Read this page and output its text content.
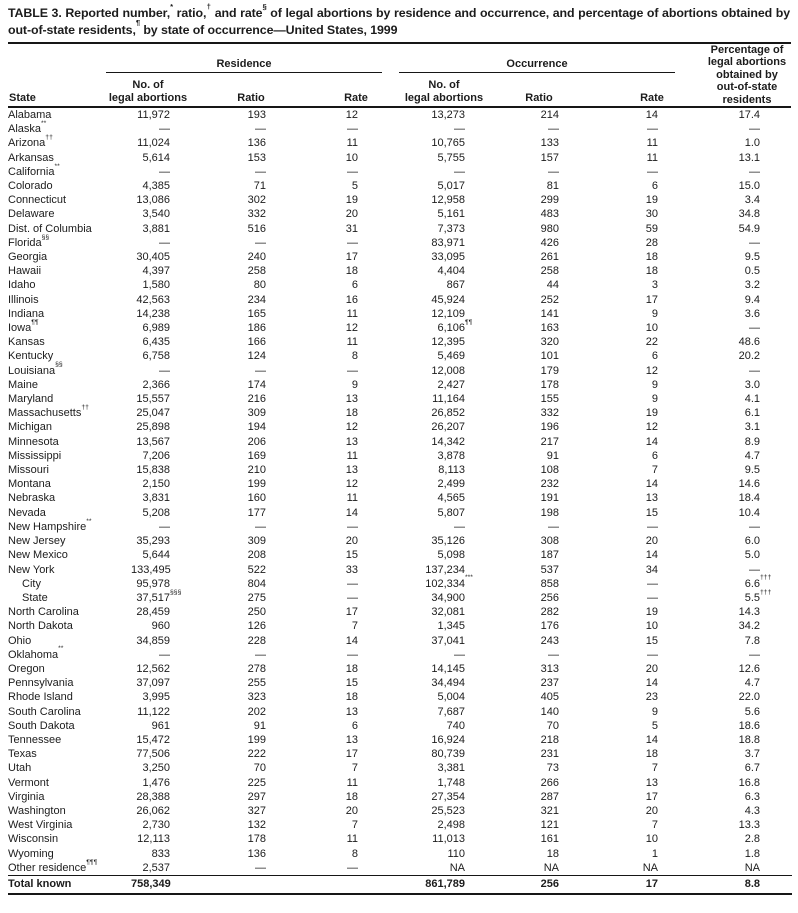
TABLE 3. Reported number,* ratio,† and rate§ of legal abortions by residence and occurrence, and percentage of abortions obtained by out-of-state residents,¶ by state of occurrence—United States, 1999
State
Residence	Occurrence
No. of
legal abortions	Ratio	Rate
No. of
legal abortions	Ratio	Rate
Percentage of
legal abortions
obtained by
out-of-state
residents
Alabama	11,972	193	12	13,273	214	14	17.4
Alaska**	—	—	—	—	—	—	—
Arizona††	11,024	136	11	10,765	133	11	1.0
Arkansas	5,614	153	10	5,755	157	11	13.1
California**	—	—	—	—	—	—	—
Colorado	4,385	71	5	5,017	81	6	15.0
Connecticut	13,086	302	19	12,958	299	19	3.4
Delaware	3,540	332	20	5,161	483	30	34.8
Dist. of Columbia	3,881	516	31	7,373	980	59	54.9
Florida§§	—	—	—	83,971	426	28	—
Georgia	30,405	240	17	33,095	261	18	9.5
Hawaii	4,397	258	18	4,404	258	18	0.5
Idaho	1,580	80	6	867	44	3	3.2
Illinois	42,563	234	16	45,924	252	17	9.4
Indiana	14,238	165	11	12,109	141	9	3.6
Iowa¶¶	6,989	186	12	6,106¶¶	163	10	—
Kansas	6,435	166	11	12,395	320	22	48.6
Kentucky	6,758	124	8	5,469	101	6	20.2
Louisiana§§	—	—	—	12,008	179	12	—
Maine	2,366	174	9	2,427	178	9	3.0
Maryland	15,557	216	13	11,164	155	9	4.1
Massachusetts††	25,047	309	18	26,852	332	19	6.1
Michigan	25,898	194	12	26,207	196	12	3.1
Minnesota	13,567	206	13	14,342	217	14	8.9
Mississippi	7,206	169	11	3,878	91	6	4.7
Missouri	15,838	210	13	8,113	108	7	9.5
Montana	2,150	199	12	2,499	232	14	14.6
Nebraska	3,831	160	11	4,565	191	13	18.4
Nevada	5,208	177	14	5,807	198	15	10.4
New Hampshire**	—	—	—	—	—	—	—
New Jersey	35,293	309	20	35,126	308	20	6.0
New Mexico	5,644	208	15	5,098	187	14	5.0
New York	133,495	522	33	137,234	537	34	—
City	95,978	804	—	102,334***	858	—	6.6†††
State	37,517§§§	275	—	34,900	256	—	5.5†††
North Carolina	28,459	250	17	32,081	282	19	14.3
North Dakota	960	126	7	1,345	176	10	34.2
Ohio	34,859	228	14	37,041	243	15	7.8
Oklahoma**	—	—	—	—	—	—	—
Oregon	12,562	278	18	14,145	313	20	12.6
Pennsylvania	37,097	255	15	34,494	237	14	4.7
Rhode Island	3,995	323	18	5,004	405	23	22.0
South Carolina	11,122	202	13	7,687	140	9	5.6
South Dakota	961	91	6	740	70	5	18.6
Tennessee	15,472	199	13	16,924	218	14	18.8
Texas	77,506	222	17	80,739	231	18	3.7
Utah	3,250	70	7	3,381	73	7	6.7
Vermont	1,476	225	11	1,748	266	13	16.8
Virginia	28,388	297	18	27,354	287	17	6.3
Washington	26,062	327	20	25,523	321	20	4.3
West Virginia	2,730	132	7	2,498	121	7	13.3
Wisconsin	12,113	178	11	11,013	161	10	2.8
Wyoming	833	136	8	110	18	1	1.8
Other residence¶¶¶	2,537	—	—	NA	NA	NA	NA
Total known	758,349			861,789	256	17	8.8
